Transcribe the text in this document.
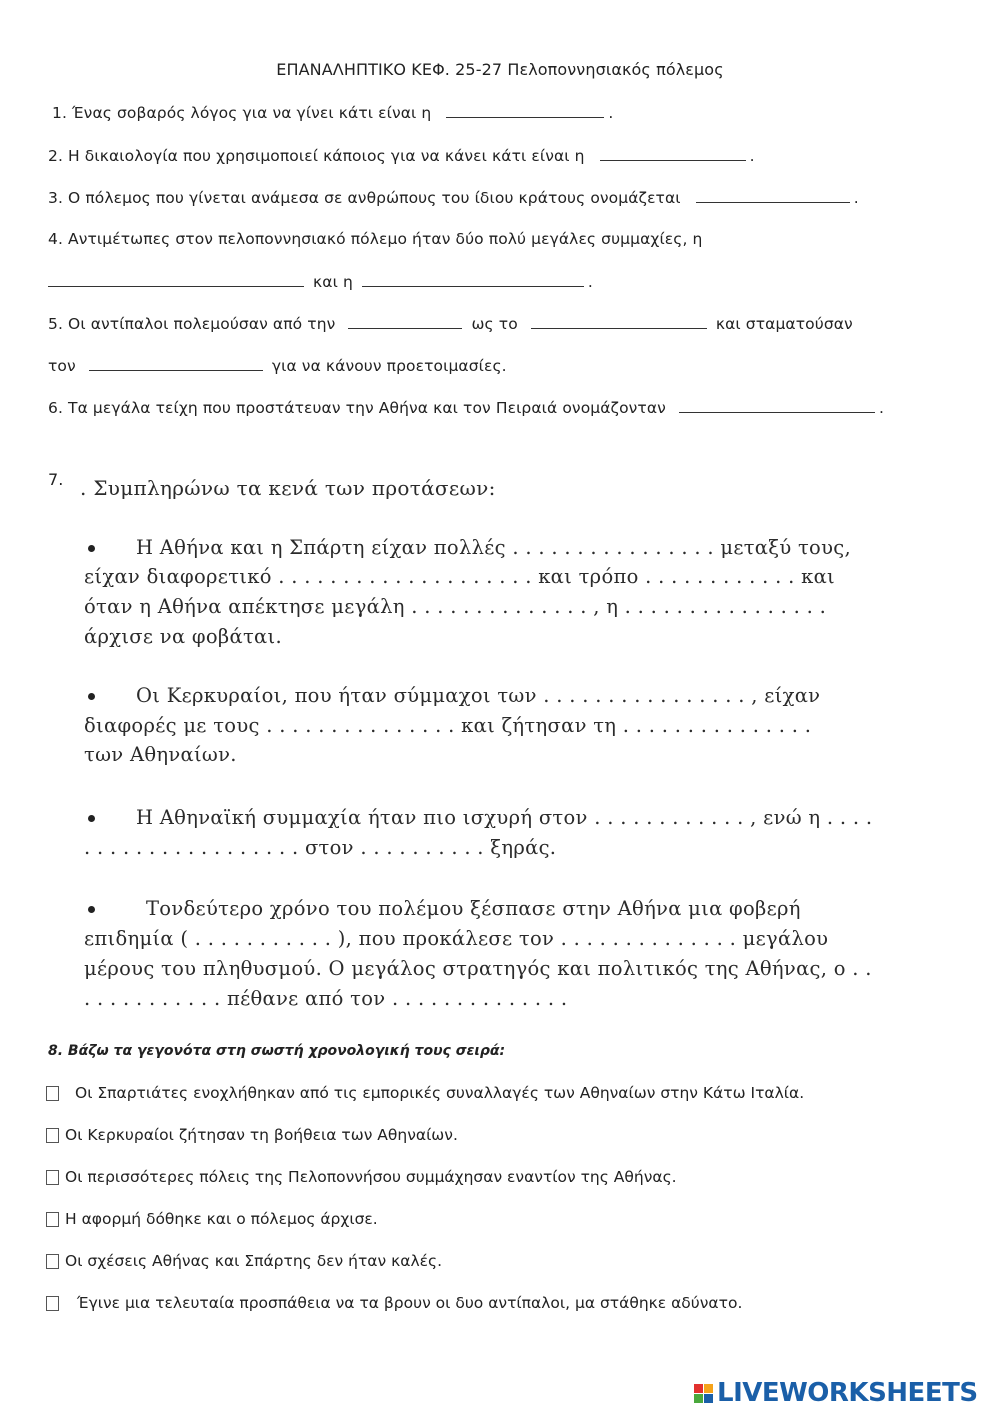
ΕΠΑΝΑΛΗΠΤΙΚΟ ΚΕΦ. 25-27 Πελοποννησιακός πόλεμος
1. Ένας σοβαρός λόγος για να γίνει κάτι είναι η	.
2. Η δικαιολογία που χρησιμοποιεί κάποιος για να κάνει κάτι είναι η	.
3. Ο πόλεμος που γίνεται ανάμεσα σε ανθρώπους του ίδιου κράτους ονομάζεται	.
4. Αντιμέτωπες στον πελοποννησιακό πόλεμο ήταν δύο πολύ μεγάλες συμμαχίες, η
και η	.
5. Οι αντίπαλοι πολεμούσαν από την	ως το	και σταματούσαν
τον	για να κάνουν προετοιμασίες.
6. Τα μεγάλα τείχη που προστάτευαν την Αθήνα και τον Πειραιά ονομάζονταν	.
7. . Συμπληρώνω τα κενά των προτάσεων:
Η Αθήνα και η Σπάρτη είχαν πολλές . . . . . . . . . . . . . . . . μεταξύ τους,
είχαν διαφορετικό . . . . . . . . . . . . . . . . . . . . και τρόπο . . . . . . . . . . . . και
όταν η Αθήνα απέκτησε μεγάλη . . . . . . . . . . . . . . , η . . . . . . . . . . . . . . . .
άρχισε να φοβάται.
Οι Κερκυραίοι, που ήταν σύμμαχοι των . . . . . . . . . . . . . . . . , είχαν
διαφορές με τους . . . . . . . . . . . . . . . και ζήτησαν τη . . . . . . . . . . . . . . .
των Αθηναίων.
Η Αθηναϊκή συμμαχία ήταν πιο ισχυρή στον . . . . . . . . . . . . , ενώ η . . . .
. . . . . . . . . . . . . . . . . στον . . . . . . . . . . ξηράς.
Τονδεύτερο χρόνο του πολέμου ξέσπασε στην Αθήνα μια φοβερή
επιδημία ( . . . . . . . . . . . ), που προκάλεσε τον . . . . . . . . . . . . . . μεγάλου
μέρους του πληθυσμού. Ο μεγάλος στρατηγός και πολιτικός της Αθήνας, ο . .
. . . . . . . . . . . πέθανε από τον . . . . . . . . . . . . . .
8. Βάζω τα γεγονότα στη σωστή χρονολογική τους σειρά:
Οι Σπαρτιάτες ενοχλήθηκαν από τις εμπορικές συναλλαγές των Αθηναίων στην Κάτω Ιταλία.
Οι Κερκυραίοι ζήτησαν τη βοήθεια των Αθηναίων.
Οι περισσότερες πόλεις της Πελοποννήσου συμμάχησαν εναντίον της Αθήνας.
Η αφορμή δόθηκε και ο πόλεμος άρχισε.
Οι σχέσεις Αθήνας και Σπάρτης δεν ήταν καλές.
Έγινε μια τελευταία προσπάθεια να τα βρουν οι δυο αντίπαλοι, μα στάθηκε αδύνατο.
LIVEWORKSHEETS
